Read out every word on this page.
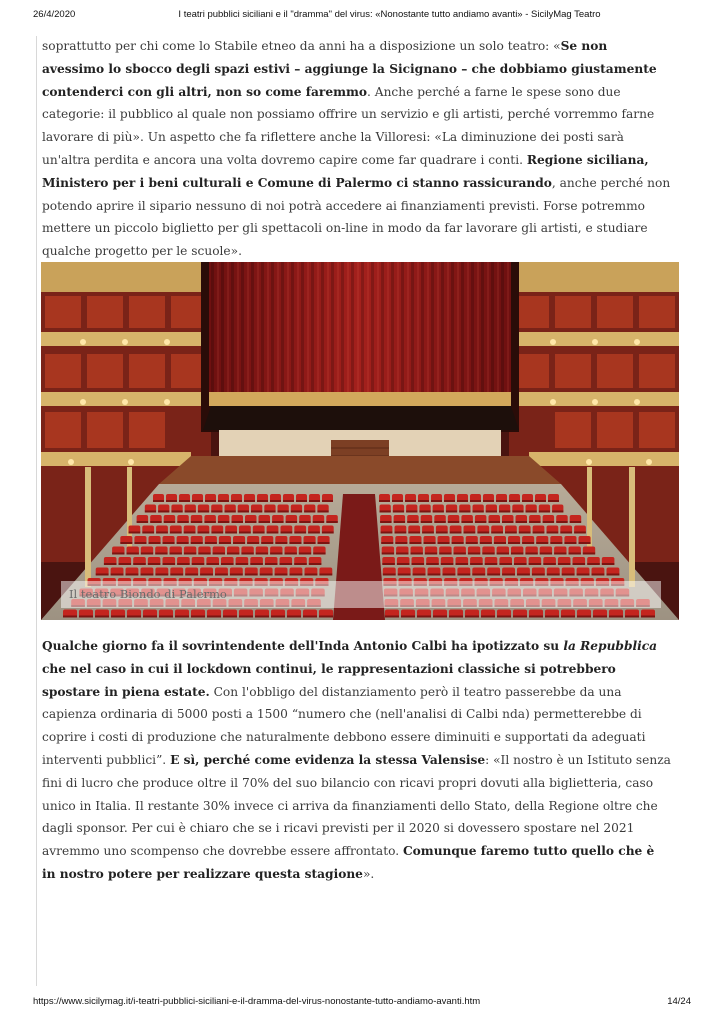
26/4/2020	I teatri pubblici siciliani e il "dramma" del virus: «Nonostante tutto andiamo avanti» - SicilyMag Teatro
soprattutto per chi come lo Stabile etneo da anni ha a disposizione un solo teatro: «Se non avessimo lo sbocco degli spazi estivi – aggiunge la Sicignano – che dobbiamo giustamente contenderci con gli altri, non so come faremmo. Anche perché a farne le spese sono due categorie: il pubblico al quale non possiamo offrire un servizio e gli artisti, perché vorremmo farne lavorare di più». Un aspetto che fa riflettere anche la Villoresi: «La diminuzione dei posti sarà un'altra perdita e ancora una volta dovremo capire come far quadrare i conti. Regione siciliana, Ministero per i beni culturali e Comune di Palermo ci stanno rassicurando, anche perché non potendo aprire il sipario nessuno di noi potrà accedere ai finanziamenti previsti. Forse potremmo mettere un piccolo biglietto per gli spettacoli on-line in modo da far lavorare gli artisti, e studiare qualche progetto per le scuole».
Il teatro Biondo di Palermo
Qualche giorno fa il sovrintendente dell'Inda Antonio Calbi ha ipotizzato su la Repubblica che nel caso in cui il lockdown continui, le rappresentazioni classiche si potrebbero spostare in piena estate. Con l'obbligo del distanziamento però il teatro passerebbe da una capienza ordinaria di 5000 posti a 1500 “numero che (nell'analisi di Calbi nda) permetterebbe di coprire i costi di produzione che naturalmente debbono essere diminuiti e supportati da adeguati interventi pubblici”. E sì, perché come evidenza la stessa Valensise: «Il nostro è un Istituto senza fini di lucro che produce oltre il 70% del suo bilancio con ricavi propri dovuti alla biglietteria, caso unico in Italia. Il restante 30% invece ci arriva da finanziamenti dello Stato, della Regione oltre che dagli sponsor. Per cui è chiaro che se i ricavi previsti per il 2020 si dovessero spostare nel 2021 avremmo uno scompenso che dovrebbe essere affrontato. Comunque faremo tutto quello che è in nostro potere per realizzare questa stagione».
https://www.sicilymag.it/i-teatri-pubblici-siciliani-e-il-dramma-del-virus-nonostante-tutto-andiamo-avanti.htm	14/24
